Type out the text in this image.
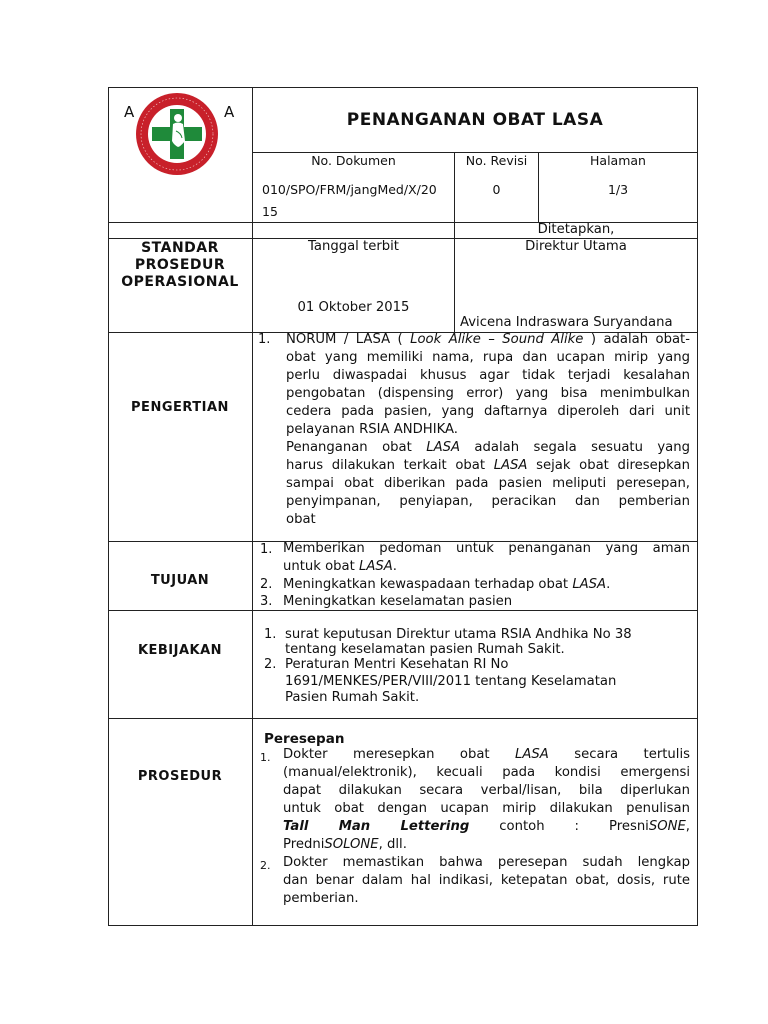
A	A	PENANGANAN OBAT LASA
No. Dokumen
010/SPO/FRM/jangMed/X/20
15
No. Revisi
0
Halaman
1/3
STANDAR
PROSEDUR
OPERASIONAL
Tanggal terbit
01 Oktober 2015
Ditetapkan,
Direktur Utama
Avicena Indraswara Suryandana
PENGERTIAN
1. NORUM / LASA ( Look Alike – Sound Alike ) adalah obat-
obat yang memiliki nama, rupa dan ucapan mirip yang
perlu diwaspadai khusus agar tidak terjadi kesalahan
pengobatan (dispensing error) yang bisa menimbulkan
cedera pada pasien, yang daftarnya diperoleh dari unit
pelayanan RSIA ANDHIKA.
Penanganan obat LASA adalah segala sesuatu yang
harus dilakukan terkait obat LASA sejak obat diresepkan
sampai obat diberikan pada pasien meliputi peresepan,
penyimpanan, penyiapan, peracikan dan pemberian
obat
TUJUAN
1. Memberikan pedoman untuk penanganan yang aman
untuk obat LASA.
2. Meningkatkan kewaspadaan terhadap obat LASA.
3. Meningkatkan keselamatan pasien
KEBIJAKAN
1. surat keputusan Direktur utama RSIA Andhika No 38
tentang keselamatan pasien Rumah Sakit.
2. Peraturan Mentri Kesehatan RI No
1691/MENKES/PER/VIII/2011 tentang Keselamatan
Pasien Rumah Sakit.
PROSEDUR
Peresepan
1. Dokter meresepkan obat LASA secara tertulis
(manual/elektronik), kecuali pada kondisi emergensi
dapat dilakukan secara verbal/lisan, bila diperlukan
untuk obat dengan ucapan mirip dilakukan penulisan
Tall Man Lettering contoh : PresniSONE,
PredniSOLONE, dll.
2. Dokter memastikan bahwa peresepan sudah lengkap
dan benar dalam hal indikasi, ketepatan obat, dosis, rute
pemberian.
